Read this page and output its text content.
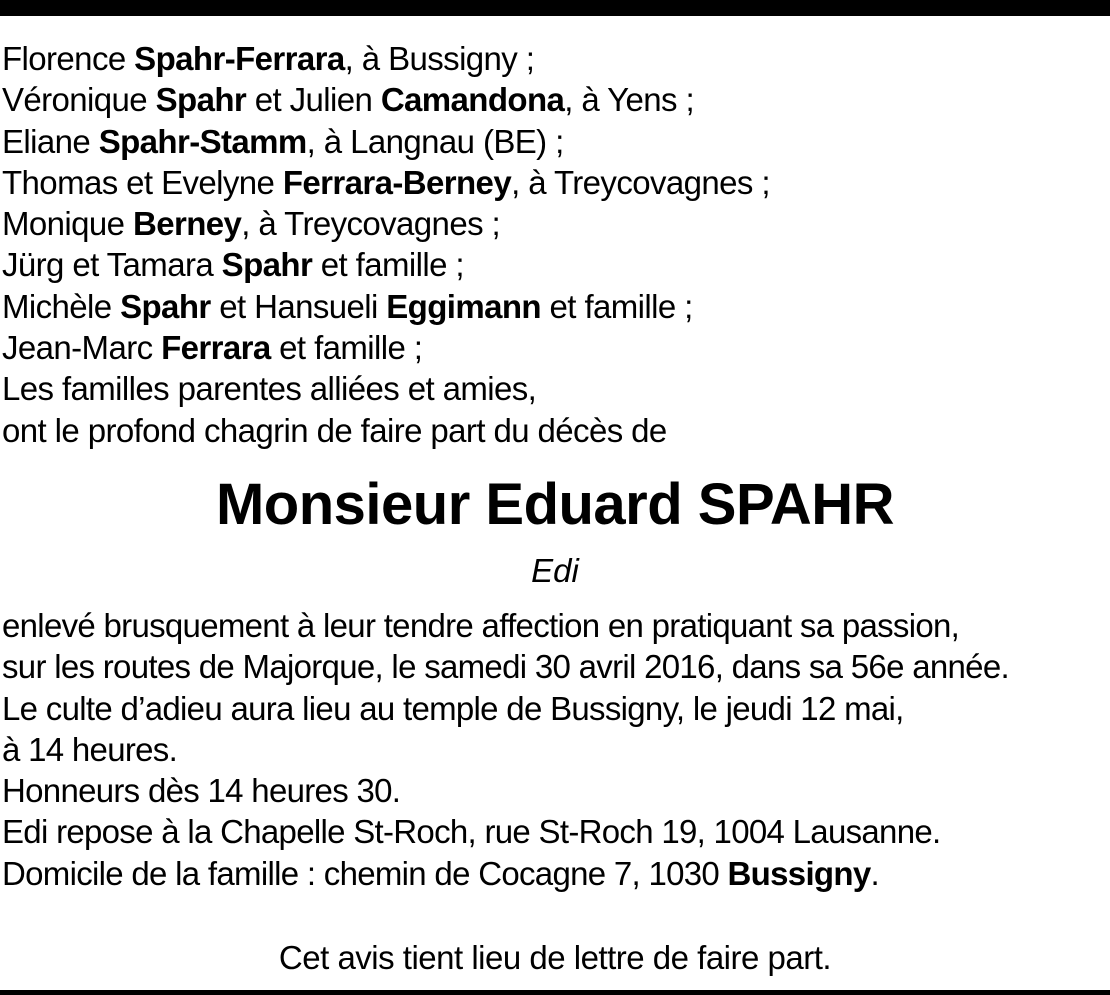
Florence Spahr-Ferrara, à Bussigny ;
Véronique Spahr et Julien Camandona, à Yens ;
Eliane Spahr-Stamm, à Langnau (BE) ;
Thomas et Evelyne Ferrara-Berney, à Treycovagnes ;
Monique Berney, à Treycovagnes ;
Jürg et Tamara Spahr et famille ;
Michèle Spahr et Hansueli Eggimann et famille ;
Jean-Marc Ferrara et famille ;
Les familles parentes alliées et amies,
ont le profond chagrin de faire part du décès de
Monsieur Eduard SPAHR
Edi
enlevé brusquement à leur tendre affection en pratiquant sa passion,
sur les routes de Majorque, le samedi 30 avril 2016, dans sa 56e année.
Le culte d’adieu aura lieu au temple de Bussigny, le jeudi 12 mai,
à 14 heures.
Honneurs dès 14 heures 30.
Edi repose à la Chapelle St-Roch, rue St-Roch 19, 1004 Lausanne.
Domicile de la famille : chemin de Cocagne 7, 1030 Bussigny.
Cet avis tient lieu de lettre de faire part.
